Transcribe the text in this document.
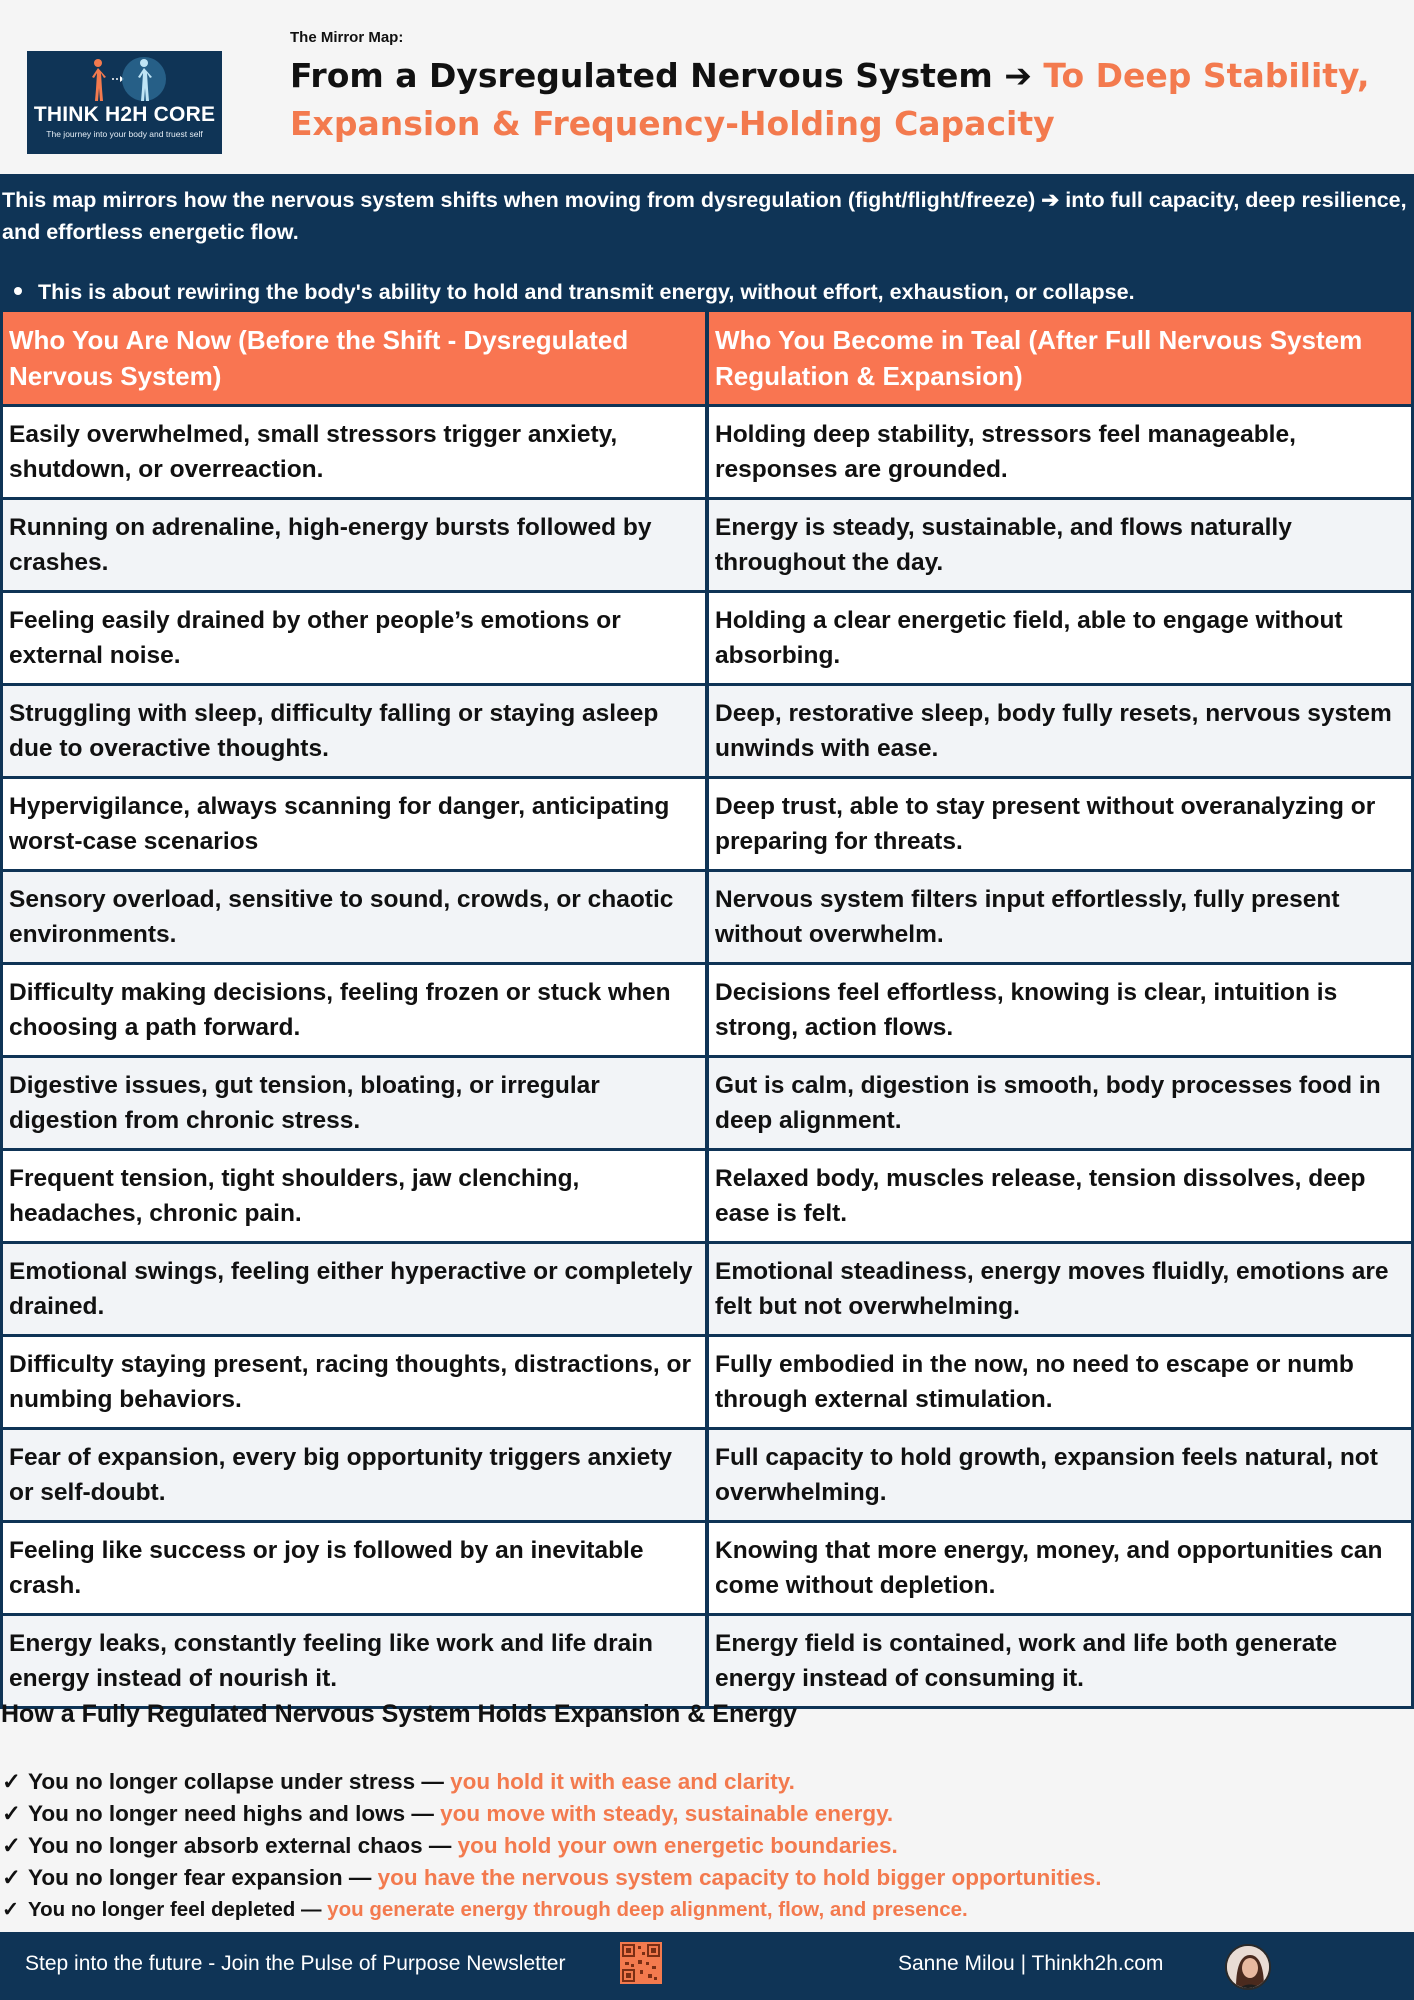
THINK H2H CORE
The journey into your body and truest self
The Mirror Map:
From a Dysregulated Nervous System ➔ To Deep Stability, Expansion & Frequency-Holding Capacity

This map mirrors how the nervous system shifts when moving from dysregulation (fight/flight/freeze) ➔ into full capacity, deep resilience, and effortless energetic flow.

This is about rewiring the body's ability to hold and transmit energy, without effort, exhaustion, or collapse.
Who You Are Now (Before the Shift - Dysregulated Nervous System)
Who You Become in Teal (After Full Nervous System Regulation & Expansion)
Easily overwhelmed, small stressors trigger anxiety, shutdown, or overreaction.
Holding deep stability, stressors feel manageable, responses are grounded.
Running on adrenaline, high-energy bursts followed by crashes.
Energy is steady, sustainable, and flows naturally throughout the day.
Feeling easily drained by other people’s emotions or external noise.
Holding a clear energetic field, able to engage without absorbing.
Struggling with sleep, difficulty falling or staying asleep due to overactive thoughts.
Deep, restorative sleep, body fully resets, nervous system unwinds with ease.
Hypervigilance, always scanning for danger, anticipating worst-case scenarios
Deep trust, able to stay present without overanalyzing or preparing for threats.
Sensory overload, sensitive to sound, crowds, or chaotic environments.
Nervous system filters input effortlessly, fully present without overwhelm.
Difficulty making decisions, feeling frozen or stuck when choosing a path forward.
Decisions feel effortless, knowing is clear, intuition is strong, action flows.
Digestive issues, gut tension, bloating, or irregular digestion from chronic stress.
Gut is calm, digestion is smooth, body processes food in deep alignment.
Frequent tension, tight shoulders, jaw clenching, headaches, chronic pain.
Relaxed body, muscles release, tension dissolves, deep ease is felt.
Emotional swings, feeling either hyperactive or completely drained.
Emotional steadiness, energy moves fluidly, emotions are felt but not overwhelming.
Difficulty staying present, racing thoughts, distractions, or numbing behaviors.
Fully embodied in the now, no need to escape or numb through external stimulation.
Fear of expansion, every big opportunity triggers anxiety or self-doubt.
Full capacity to hold growth, expansion feels natural, not overwhelming.
Feeling like success or joy is followed by an inevitable crash.
Knowing that more energy, money, and opportunities can come without depletion.
Energy leaks, constantly feeling like work and life drain energy instead of nourish it.
Energy field is contained, work and life both generate energy instead of consuming it.
How a Fully Regulated Nervous System Holds Expansion & Energy
✓ You no longer collapse under stress — you hold it with ease and clarity.
✓ You no longer need highs and lows — you move with steady, sustainable energy.
✓ You no longer absorb external chaos — you hold your own energetic boundaries.
✓ You no longer fear expansion — you have the nervous system capacity to hold bigger opportunities.
✓ You no longer feel depleted — you generate energy through deep alignment, flow, and presence.
Step into the future - Join the Pulse of Purpose Newsletter	Sanne Milou | Thinkh2h.com
